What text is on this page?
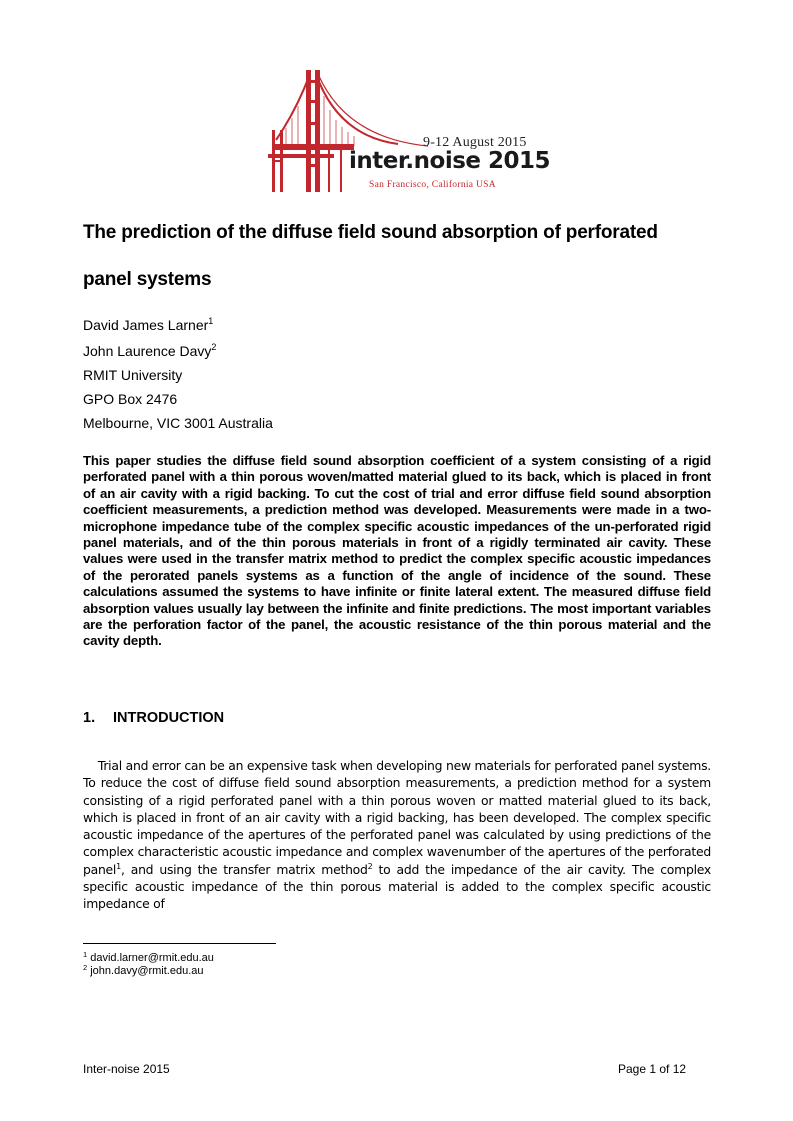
9-12 August 2015
inter.noise 2015
San Francisco, California USA
The prediction of the diffuse field sound absorption of perforated
panel systems
David James Larner$^1$
John Laurence Davy$^2$
RMIT University
GPO Box 2476
Melbourne, VIC 3001 Australia
This paper studies the diffuse field sound absorption coefficient of a system consisting of a rigid perforated panel with a thin porous woven/matted material glued to its back, which is placed in front of an air cavity with a rigid backing. To cut the cost of trial and error diffuse field sound absorption coefficient measurements, a prediction method was developed. Measurements were made in a two-microphone impedance tube of the complex specific acoustic impedances of the un-perforated rigid panel materials, and of the thin porous materials in front of a rigidly terminated air cavity. These values were used in the transfer matrix method to predict the complex specific acoustic impedances of the perorated panels systems as a function of the angle of incidence of the sound. These calculations assumed the systems to have infinite or finite lateral extent. The measured diffuse field absorption values usually lay between the infinite and finite predictions. The most important variables are the perforation factor of the panel, the acoustic resistance of the thin porous material and the cavity depth.
1. INTRODUCTION
Trial and error can be an expensive task when developing new materials for perforated panel systems. To reduce the cost of diffuse field sound absorption measurements, a prediction method for a system consisting of a rigid perforated panel with a thin porous woven or matted material glued to its back, which is placed in front of an air cavity with a rigid backing, has been developed. The complex specific acoustic impedance of the apertures of the perforated panel was calculated by using predictions of the complex characteristic acoustic impedance and complex wavenumber of the apertures of the perforated panel$^1$, and using the transfer matrix method$^2$ to add the impedance of the air cavity. The complex specific acoustic impedance of the thin porous material is added to the complex specific acoustic impedance of
$^1$ david.larner@rmit.edu.au
$^2$ john.davy@rmit.edu.au
Inter-noise 2015	Page 1 of 12
